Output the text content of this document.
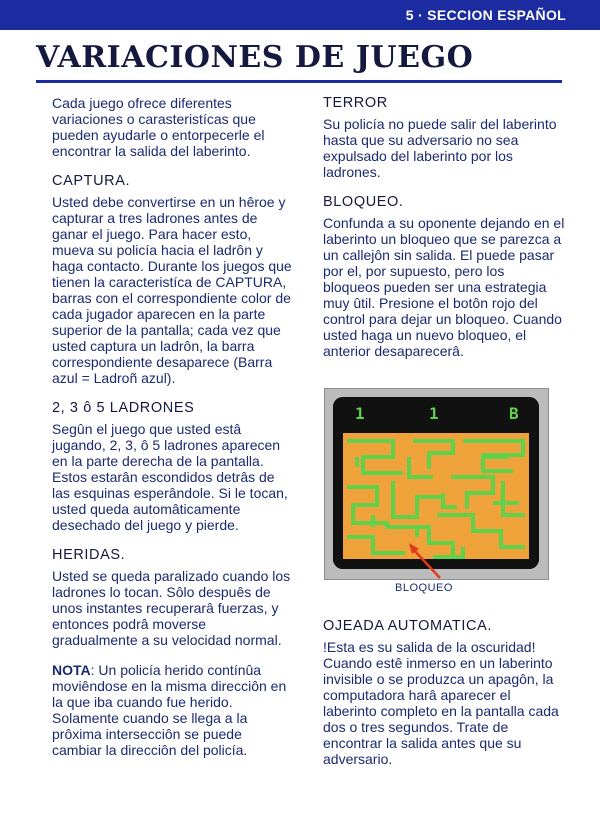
5 · SECCION ESPAÑOL
VARIACIONES DE JUEGO

Cada juego ofrece diferentes variaciones o carasteristícas que pueden ayudarle o entorpecerle el encontrar la salida del laberinto.

CAPTURA.

Usted debe convertirse en un hêroe y capturar a tres ladrones antes de ganar el juego. Para hacer esto, mueva su policía hacia el ladrôn y haga contacto. Durante los juegos que tienen la caracteristíca de CAPTURA, barras con el correspondiente color de cada jugador aparecen en la parte superior de la pantalla; cada vez que usted captura un ladrôn, la barra correspondiente desaparece (Barra azul = Ladroñ azul).

2, 3 ô 5 LADRONES

Segûn el juego que usted estâ jugando, 2, 3, ô 5 ladrones aparecen en la parte derecha de la pantalla. Estos estarân escondidos detrâs de las esquinas esperândole. Si le tocan, usted queda automâticamente desechado del juego y pierde.

HERIDAS.

Usted se queda paralizado cuando los ladrones lo tocan. Sôlo despuês de unos instantes recuperarâ fuerzas, y entonces podrâ moverse gradualmente a su velocidad normal.

NOTA: Un policía herido contínûa moviêndose en la misma direcciôn en la que iba cuando fue herido. Solamente cuando se llega a la prôxima intersecciôn se puede cambiar la direcciôn del policía.

TERROR

Su policía no puede salir del laberinto hasta que su adversario no sea expulsado del laberinto por los ladrones.

BLOQUEO.

Confunda a su oponente dejando en el laberinto un bloqueo que se parezca a un callejôn sin salida. El puede pasar por el, por supuesto, pero los bloqueos pueden ser una estrategia muy ûtil. Presione el botôn rojo del control para dejar un bloqueo. Cuando usted haga un nuevo bloqueo, el anterior desaparecerâ.

1	1	B
BLOQUEO
OJEADA AUTOMATICA.

!Esta es su salida de la oscuridad! Cuando estê inmerso en un laberinto invisible o se produzca un apagôn, la computadora harâ aparecer el laberinto completo en la pantalla cada dos o tres segundos. Trate de encontrar la salida antes que su adversario.
